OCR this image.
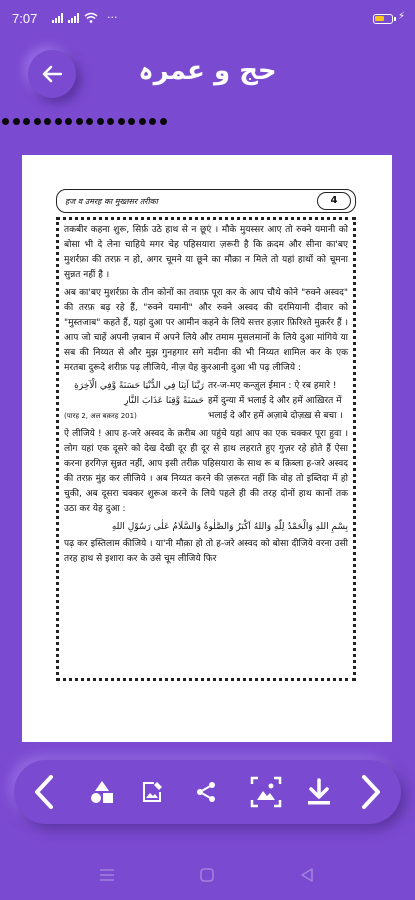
7:07	···	⚡
حج و عمرہ
हज व उमरह का मुख्तसर तरीका	4

तकबीर कहना शुरू, सिर्फ़ उठे हाथ से न छूएं । मौके मुयस्सर आए तो रुक्ने यमानी को बोसा भी दे लेना चाहिये मगर चेह पहिसयारा ज़रूरी है कि क़दम और सीना का'बए मुशर्रफ़ा की तरफ़ न हो, अगर चूमने या छूने का मौक़ा न मिले तो यहां हाथों को चूमना सुन्नत नहीं है ।

अब का'बए मुशर्रफ़ा के तीन कोनों का तवाफ़ पूरा कर के आप चौथे कोने "रुक्ने अस्वद" की तरफ़ बढ़ रहे हैं, "रुक्ने यमानी" और रुक्ने अस्वद की दरमियानी दीवार को "मुस्तजाब" कहते हैं, यहां दुआ पर आमीन कहने के लिये सत्तर हज़ार फ़िरिश्ते मुक़र्रर हैं । आप जो चाहें अपनी ज़बान में अपने लिये और तमाम मुसलमानों के लिये दुआ मांगिये या सब की निय्यत से और मुझ गुनहगार सगे मदीना की भी निय्यत शामिल कर के एक मरतबा दुरूदे शरीफ़ पढ़ लीजिये, नीज़ येह कुरआनी दुआ भी पढ़ लीजिये :

رَبَّنَا آتِنَا فِي الدُّنْيَا حَسَنَةً وَّفِي الْآخِرَةِ حَسَنَةً وَّقِنَا عَذَابَ النَّارِ
(पारह 2, अल बक़रह 201)
तर-ज-मए कन्ज़ुल ईमान : ऐ रब हमारे ! हमें दुन्या में भलाई दे और हमें आख़िरत में भलाई दे और हमें अज़ाबे दोज़ख़ से बचा ।

ऐ लीजिये ! आप ह-जरे अस्वद के क़रीब आ पहुंचे यहां आप का एक चक्कर पूरा हुवा । लोग यहां एक दूसरे को देख देखी दूर ही दूर से हाथ लहराते हुए गुज़र रहे होते हैं ऐसा करना हरगिज़ सुन्नत नहीं, आप इसी तरीक़ पहिसयारा के साथ रू ब क़िब्ला ह-जरे अस्वद की तरफ़ मुंह कर लीजिये । अब निय्यत करने की ज़रूरत नहीं कि वोह तो इब्तिदा में हो चुकी, अब दूसरा चक्कर शुरूअ करने के लिये पहले ही की तरह दोनों हाथ कानों तक उठा कर येह दुआ :

بِسْمِ اللهِ وَالْحَمْدُ لِلّٰهِ وَاللهُ اَكْبَرُ وَالصَّلٰوةُ وَالسَّلَامُ عَلٰى رَسُوْلِ اللهِ

पढ़ कर इस्तिलाम कीजिये । या'नी मौक़ा हो तो ह-जरे अस्वद को बोसा दीजिये वरना उसी तरह हाथ से इशारा कर के उसे चूम लीजिये फिर
